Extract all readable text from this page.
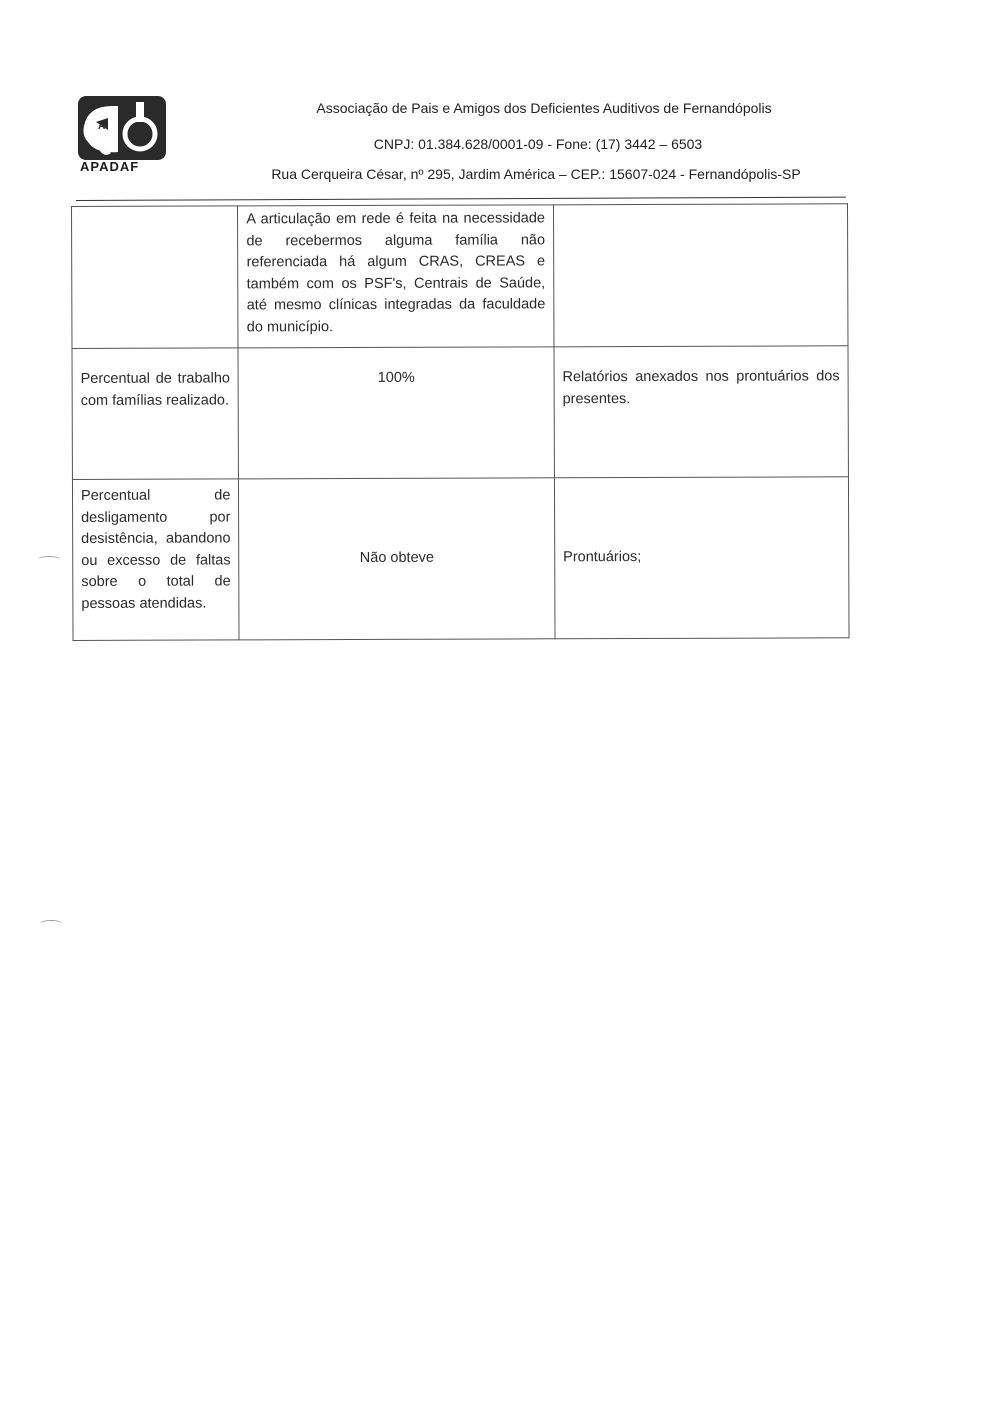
A
APADAF
Associação de Pais e Amigos dos Deficientes Auditivos de Fernandópolis
CNPJ: 01.384.628/0001-09 - Fone: (17) 3442 – 6503
Rua Cerqueira César, nº 295, Jardim América – CEP.: 15607-024 - Fernandópolis-SP
	A articulação em rede é feita na necessidade de recebermos alguma família não referenciada há algum CRAS, CREAS e também com os PSF's, Centrais de Saúde, até mesmo clínicas integradas da faculdade do município.	
Percentual de trabalho com famílias realizado.	100%	Relatórios anexados nos prontuários dos presentes.
Percentual de desligamento por desistência, abandono ou excesso de faltas sobre o total de pessoas atendidas.	Não obteve	Prontuários;
